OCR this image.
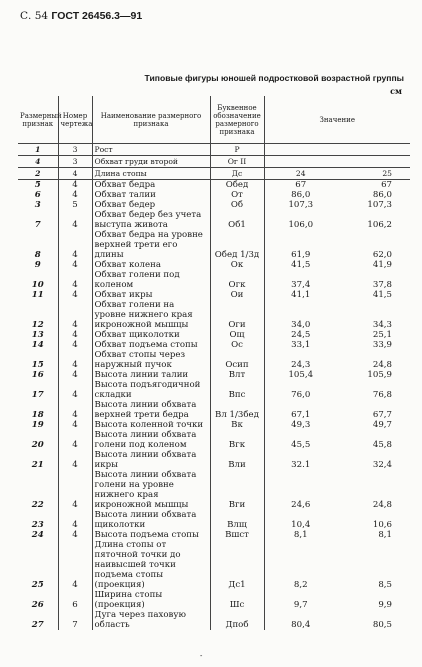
С. 54 ГОСТ 26456.3—91
Типовые фигуры юношей подростковой возрастной группы
см
Размерный признак	Номер чертежа	Наименование размерного признака	Буквенное обозначение размерного признака	Значение	
1	3	Рост	Р		
4	3	Обхват груди второй	Ог II		
2	4	Длина стопы	Дс	24	25
5	4	Обхват бедра	Обед	67	67
6	4	Обхват талии	От	86,0	86,0
3	5	Обхват бедер	Об	107,3	107,3
7	4	Обхват бедер без учета выступа живота	Об1	106,0	106,2
8	4	Обхват бедра на уровне верхней трети его длины	Обед 1/3д	61,9	62,0
9	4	Обхват колена	Ок	41,5	41,9
10	4	Обхват голени под коленом	Огк	37,4	37,8
11	4	Обхват икры	Ои	41,1	41,5
12	4	Обхват голени на уровне нижнего края икроножной мышцы	Оги	34,0	34,3
13	4	Обхват щиколотки	Ощ	24,5	25,1
14	4	Обхват подъема стопы	Ос	33,1	33,9
15	4	Обхват стопы через наружный пучок	Осип	24,3	24,8
16	4	Высота линии талии	Влт	105,4	105,9
17	4	Высота подъягодичной складки	Впс	76,0	76,8
18	4	Высота линии обхвата верхней трети бедра	Вл 1/3бед	67,1	67,7
19	4	Высота коленной точки	Вк	49,3	49,7
20	4	Высота линии обхвата голени под коленом	Вгк	45,5	45,8
21	4	Высота линии обхвата икры	Вли	32.1	32,4
22	4	Высота линии обхвата голени на уровне нижнего края икроножной мышцы	Вги	24,6	24,8
23	4	Высота линии обхвата щиколотки	Влщ	10,4	10,6
24	4	Высота подъема стопы	Вшст	8,1	8,1
25	4	Длина стопы от пяточной точки до наивысшей точки подъема стопы (проекция)	Дс1	8,2	8,5
26	6	Ширина стопы (проекция)	Шс	9,7	9,9
27	7	Дуга через паховую область	Дпоб	80,4	80,5
-
